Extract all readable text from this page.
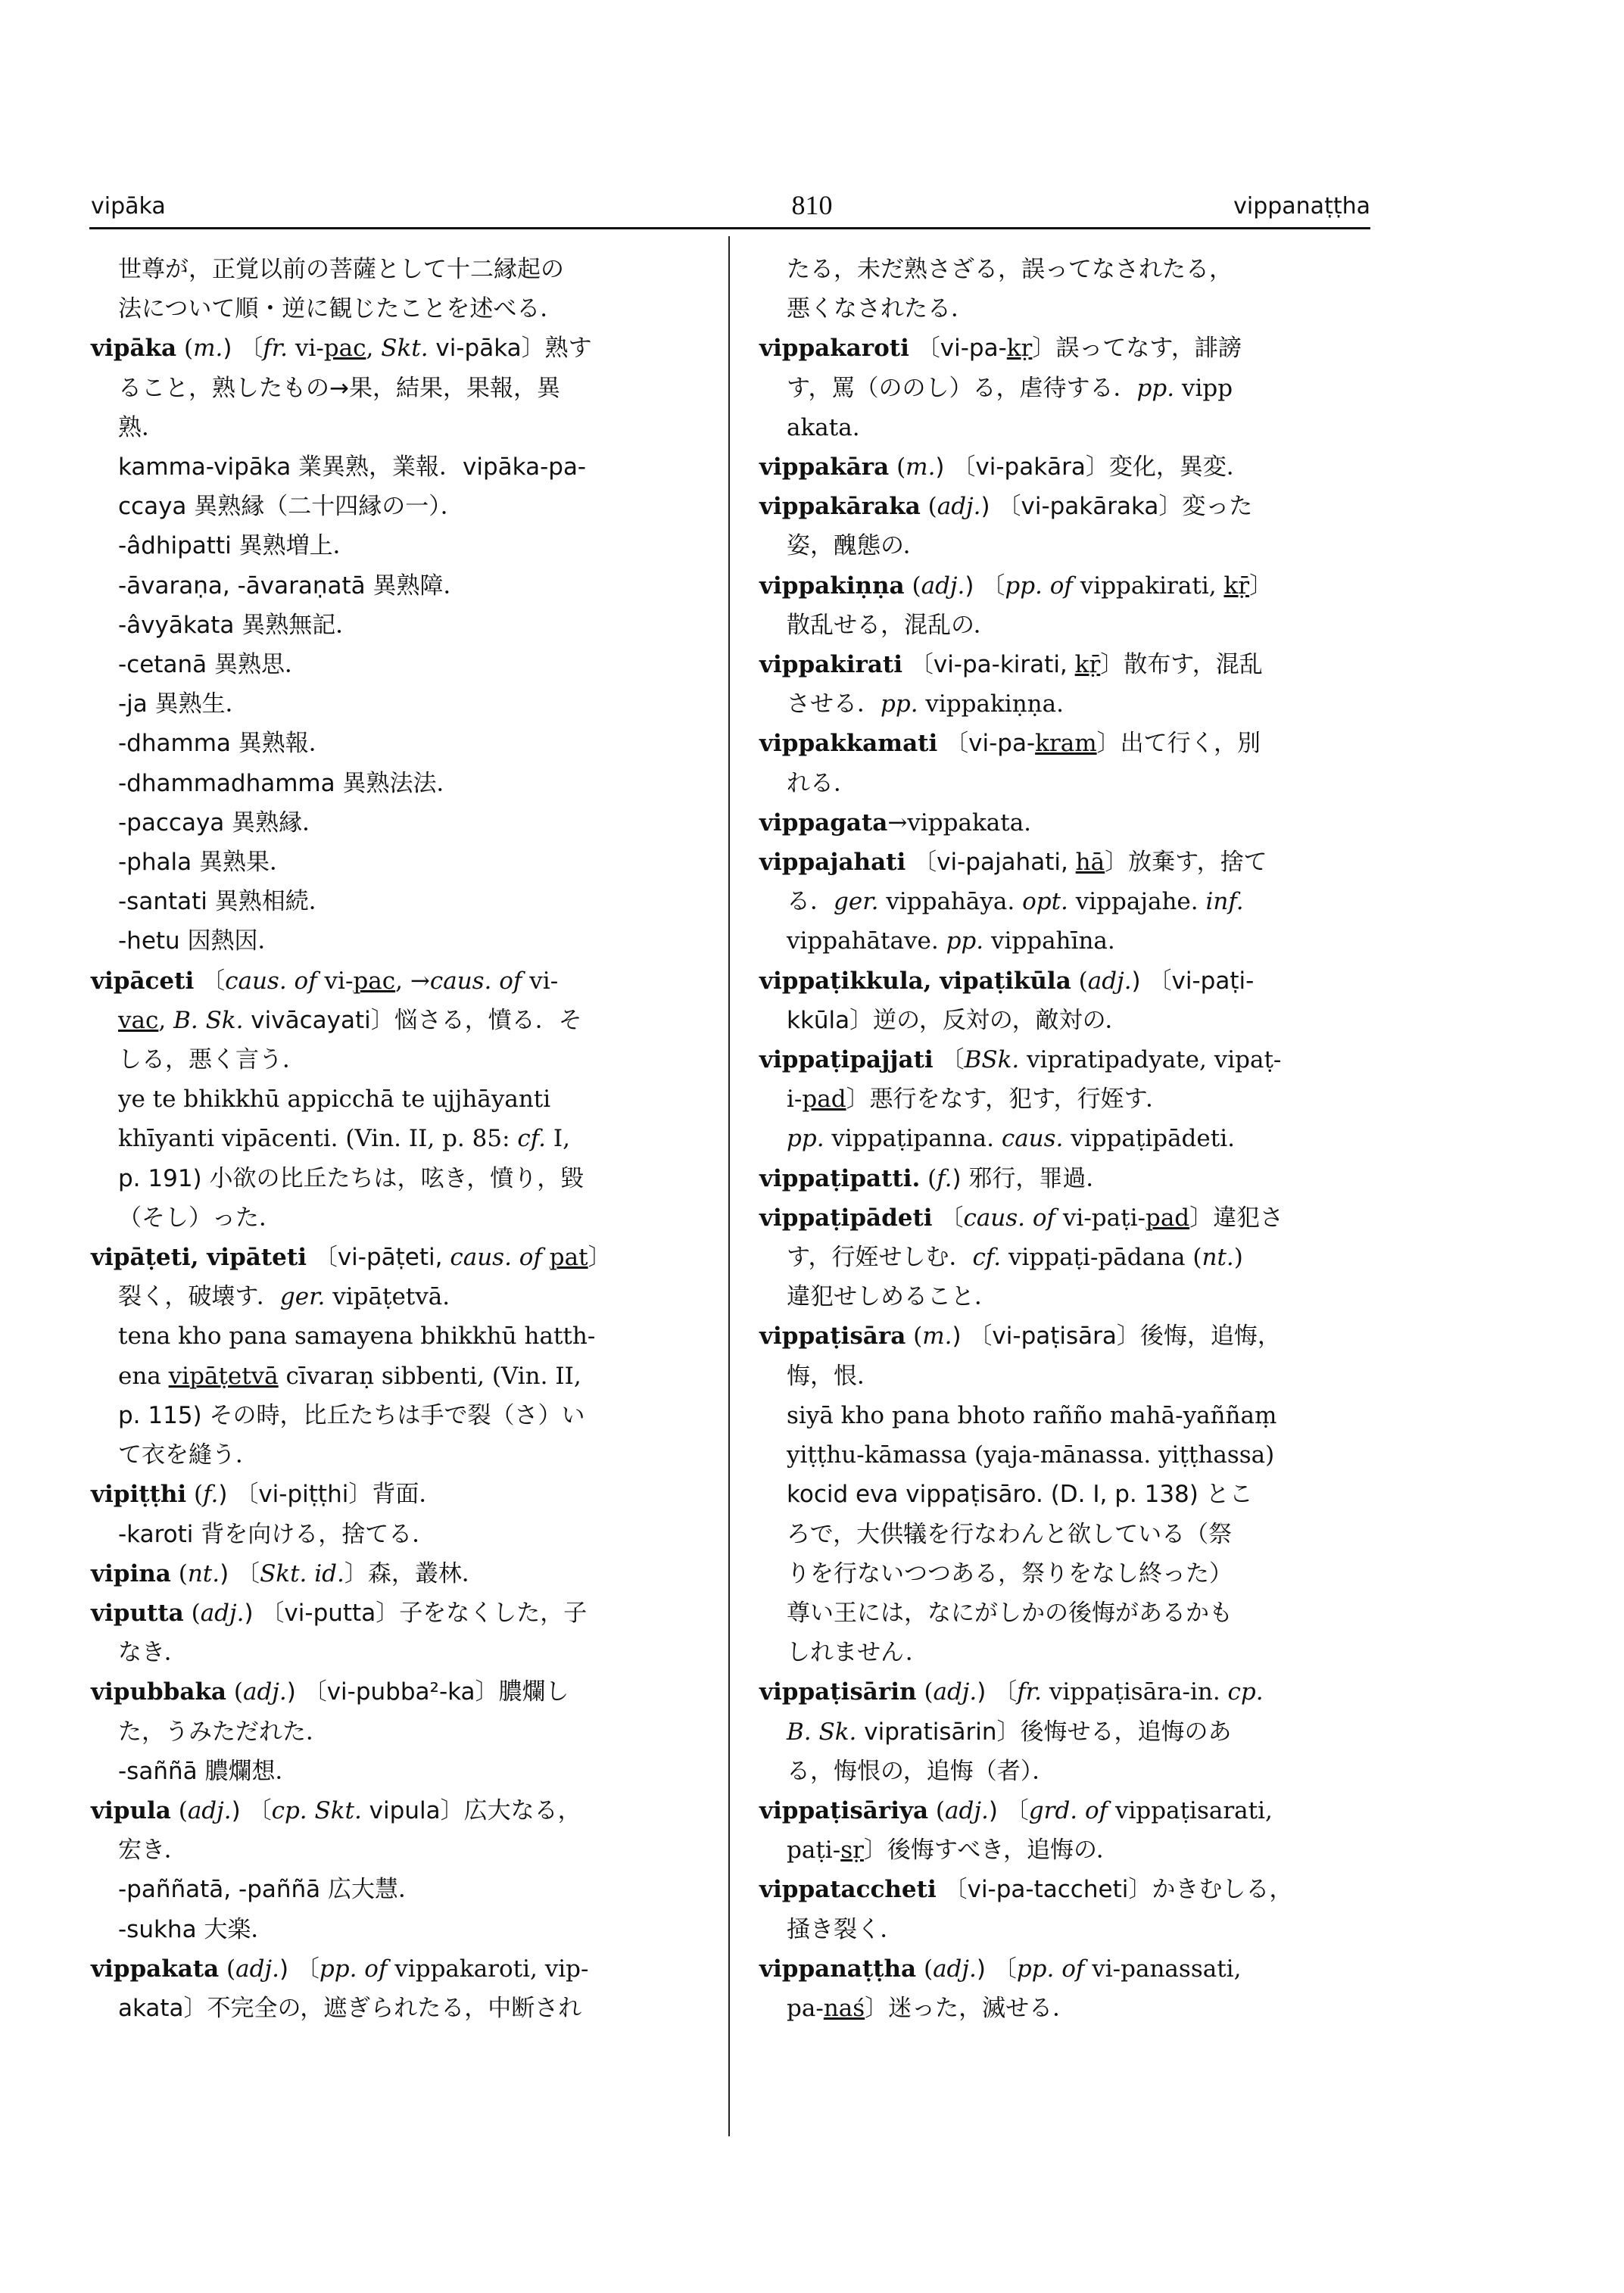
vipāka	810	vippanaṭṭha
世尊が，正覚以前の菩薩として十二縁起の
法について順・逆に観じたことを述べる．
vipāka (m.) 〔fr. vi-pac, Skt. vi-pāka〕熟す
ること，熟したもの→果，結果，果報，異
熟．
kamma-vipāka 業異熟，業報．vipāka-pa-
ccaya 異熟縁（二十四縁の一）．
-âdhipatti 異熟増上．
-āvaraṇa, -āvaraṇatā 異熟障．
-âvyākata 異熟無記．
-cetanā 異熟思．
-ja 異熟生．
-dhamma 異熟報．
-dhammadhamma 異熟法法．
-paccaya 異熟縁．
-phala 異熟果．
-santati 異熟相続．
-hetu 因熱因．
vipāceti 〔caus. of vi-pac, →caus. of vi-
vac, B. Sk. vivācayati〕悩さる，憤る．そ
しる，悪く言う．
ye te bhikkhū appicchā te ujjhāyanti
khīyanti vipācenti. (Vin. II, p. 85: cf. I,
p. 191) 小欲の比丘たちは，呟き，憤り，毀
（そし）った．
vipāṭeti, vipāteti 〔vi-pāṭeti, caus. of pat〕
裂く，破壊す．ger. vipāṭetvā.
tena kho pana samayena bhikkhū hatth-
ena vipāṭetvā cīvaraṇ sibbenti, (Vin. II,
p. 115) その時，比丘たちは手で裂（さ）い
て衣を縫う．
vipiṭṭhi (f.) 〔vi-piṭṭhi〕背面．
-karoti 背を向ける，捨てる．
vipina (nt.) 〔Skt. id.〕森，叢林．
viputta (adj.) 〔vi-putta〕子をなくした，子
なき．
vipubbaka (adj.) 〔vi-pubba²-ka〕膿爛し
た，うみただれた．
-saññā 膿爛想．
vipula (adj.) 〔cp. Skt. vipula〕広大なる，
宏き．
-paññatā, -paññā 広大慧．
-sukha 大楽．
vippakata (adj.) 〔pp. of vippakaroti, vip-
akata〕不完全の，遮ぎられたる，中断され
たる，未だ熟さざる，誤ってなされたる，
悪くなされたる．
vippakaroti 〔vi-pa-kṛ〕誤ってなす，誹謗
す，罵（ののし）る，虐待する．pp. vipp
akata.
vippakāra (m.) 〔vi-pakāra〕変化，異変．
vippakāraka (adj.) 〔vi-pakāraka〕変った
姿，醜態の．
vippakiṇṇa (adj.) 〔pp. of vippakirati, kṝ〕
散乱せる，混乱の．
vippakirati 〔vi-pa-kirati, kṝ〕散布す，混乱
させる．pp. vippakiṇṇa.
vippakkamati 〔vi-pa-kram〕出て行く，別
れる．
vippagata→vippakata.
vippajahati 〔vi-pajahati, hā〕放棄す，捨て
る．ger. vippahāya. opt. vippajahe. inf.
vippahātave. pp. vippahīna.
vippaṭikkula, vipaṭikūla (adj.) 〔vi-paṭi-
kkūla〕逆の，反対の，敵対の．
vippaṭipajjati 〔BSk. vipratipadyate, vipaṭ-
i-pad〕悪行をなす，犯す，行姪す．
pp. vippaṭipanna. caus. vippaṭipādeti.
vippaṭipatti. (f.) 邪行，罪過．
vippaṭipādeti 〔caus. of vi-paṭi-pad〕違犯さ
す，行姪せしむ．cf. vippaṭi-pādana (nt.)
違犯せしめること．
vippaṭisāra (m.) 〔vi-paṭisāra〕後悔，追悔，
悔，恨．
siyā kho pana bhoto rañño mahā-yaññaṃ
yiṭṭhu-kāmassa (yaja-mānassa. yiṭṭhassa)
kocid eva vippaṭisāro. (D. I, p. 138) とこ
ろで，大供犠を行なわんと欲している（祭
りを行ないつつある，祭りをなし終った）
尊い王には，なにがしかの後悔があるかも
しれません．
vippaṭisārin (adj.) 〔fr. vippaṭisāra-in. cp.
B. Sk. vipratisārin〕後悔せる，追悔のあ
る，悔恨の，追悔（者）．
vippaṭisāriya (adj.) 〔grd. of vippaṭisarati,
paṭi-sṛ〕後悔すべき，追悔の．
vippataccheti 〔vi-pa-taccheti〕かきむしる，
掻き裂く．
vippanaṭṭha (adj.) 〔pp. of vi-panassati,
pa-naś〕迷った，滅せる．
